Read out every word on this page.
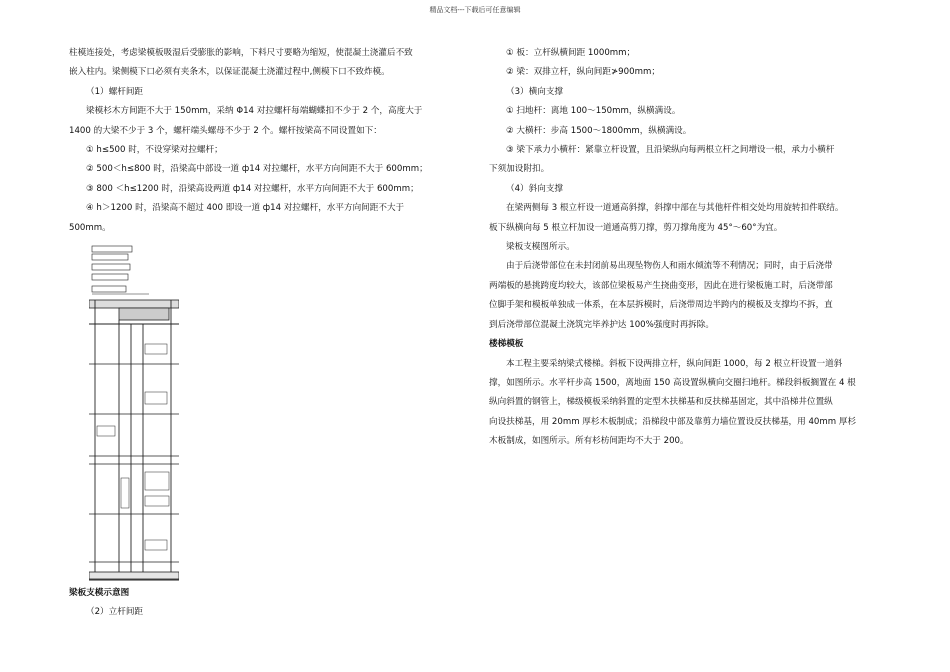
精品文档---下载后可任意编辑

柱模连接处，考虑梁模板吸湿后受膨胀的影响，下料尺寸要略为缩短，使混凝土浇灌后不致

嵌入柱内。梁侧模下口必须有夹条木，以保证混凝土浇灌过程中,侧模下口不致炸模。

（1）螺杆间距

梁模杉木方间距不大于 150mm，采纳 Φ14 对拉螺杆每端蝴蝶扣不少于 2 个，高度大于

1400 的大梁不少于 3 个，螺杆端头螺母不少于 2 个。螺杆按梁高不同设置如下：

① h≤500 时，不设穿梁对拉螺杆；

② 500＜h≤800 时，沿梁高中部设一道 ф14 对拉螺杆，水平方向间距不大于 600mm；

③ 800 ＜h≤1200 时，沿梁高设两道 ф14 对拉螺杆，水平方向间距不大于 600mm；

④ h＞1200 时，沿梁高不超过 400 即设一道 ф14 对拉螺杆，水平方向间距不大于

500mm。

梁板支模示意图
（2）立杆间距

① 板：立杆纵横间距 1000mm；

② 梁：双排立杆，纵向间距≯900mm；

（3）横向支撑

① 扫地杆：离地 100～150mm，纵横满设。

② 大横杆：步高 1500～1800mm，纵横满设。

③ 梁下承力小横杆：紧靠立杆设置，且沿梁纵向每两根立杆之间增设一根，承力小横杆

下须加设附扣。

（4）斜向支撑

在梁两侧每 3 根立杆设一道通高斜撑，斜撑中部在与其他杆件相交处均用旋转扣件联结。

板下纵横向每 5 根立杆加设一道通高剪刀撑，剪刀撑角度为 45°～60°为宜。

梁板支模图所示。

由于后浇带部位在未封闭前易出现坠物伤人和雨水倾流等不利情况；同时，由于后浇带

两端板的悬挑跨度均较大，该部位梁板易产生挠曲变形，因此在进行梁板施工时，后浇带部

位脚手架和模板单独成一体系，在本层拆模时，后浇带周边半跨内的模板及支撑均不拆，直

到后浇带部位混凝土浇筑完毕养护达 100%强度时再拆除。

楼梯模板

本工程主要采纳梁式楼梯。斜板下设两排立杆，纵向间距 1000，每 2 根立杆设置一道斜

撑，如图所示。水平杆步高 1500，离地面 150 高设置纵横向交圈扫地杆。梯段斜板搁置在 4 根

纵向斜置的钢管上，梯级模板采纳斜置的定型木扶梯基和反扶梯基固定，其中沿梯井位置纵

向设扶梯基，用 20mm 厚杉木板制成；沿梯段中部及靠剪力墙位置设反扶梯基，用 40mm 厚杉

木板制成，如图所示。所有杉枋间距均不大于 200。
